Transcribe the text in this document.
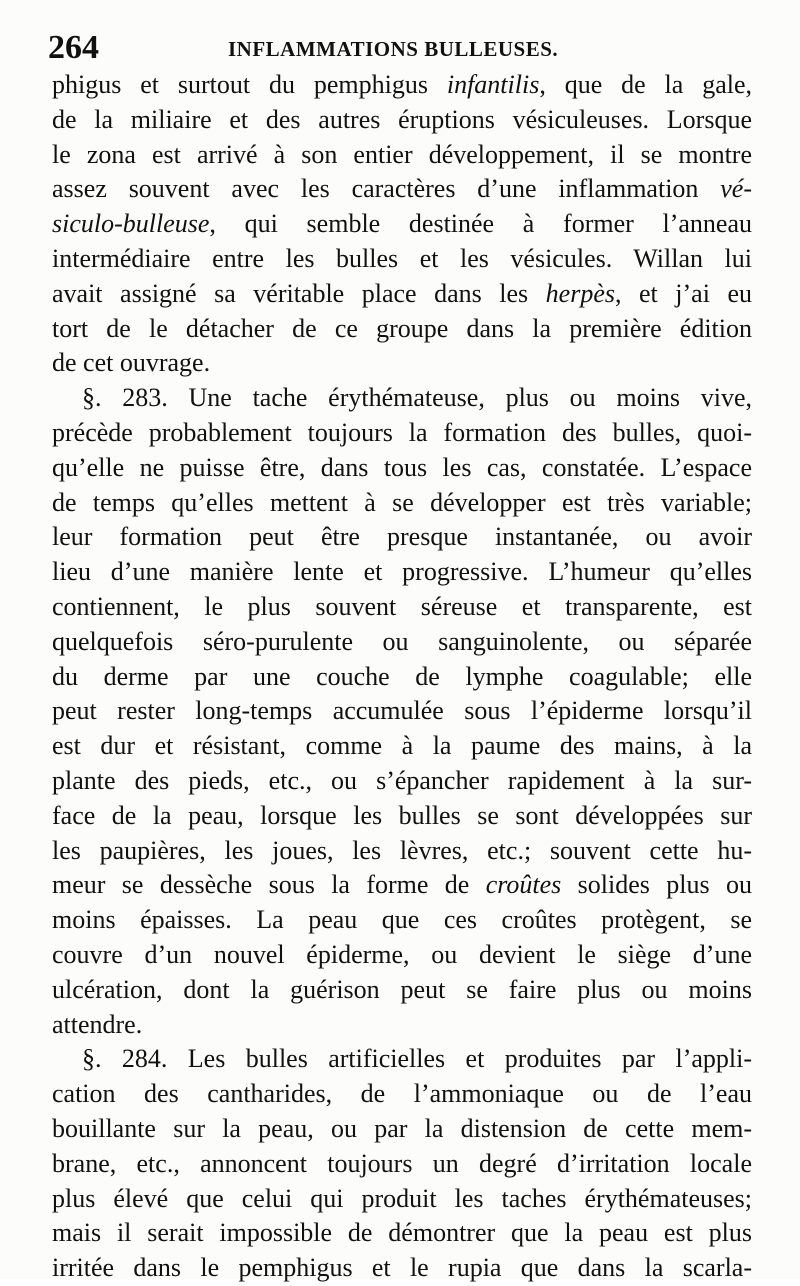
264	INFLAMMATIONS BULLEUSES.
phigus et surtout du pemphigus infantilis, que de la gale,
de la miliaire et des autres éruptions vésiculeuses. Lorsque
le zona est arrivé à son entier développement, il se montre
assez souvent avec les caractères d’une inflammation vé-
siculo-bulleuse, qui semble destinée à former l’anneau
intermédiaire entre les bulles et les vésicules. Willan lui
avait assigné sa véritable place dans les herpès, et j’ai eu
tort de le détacher de ce groupe dans la première édition
de cet ouvrage.
§. 283. Une tache érythémateuse, plus ou moins vive,
précède probablement toujours la formation des bulles, quoi-
qu’elle ne puisse être, dans tous les cas, constatée. L’espace
de temps qu’elles mettent à se développer est très variable;
leur formation peut être presque instantanée, ou avoir
lieu d’une manière lente et progressive. L’humeur qu’elles
contiennent, le plus souvent séreuse et transparente, est
quelquefois séro-purulente ou sanguinolente, ou séparée
du derme par une couche de lymphe coagulable; elle
peut rester long-temps accumulée sous l’épiderme lorsqu’il
est dur et résistant, comme à la paume des mains, à la
plante des pieds, etc., ou s’épancher rapidement à la sur-
face de la peau, lorsque les bulles se sont développées sur
les paupières, les joues, les lèvres, etc.; souvent cette hu-
meur se dessèche sous la forme de croûtes solides plus ou
moins épaisses. La peau que ces croûtes protègent, se
couvre d’un nouvel épiderme, ou devient le siège d’une
ulcération, dont la guérison peut se faire plus ou moins
attendre.
§. 284. Les bulles artificielles et produites par l’appli-
cation des cantharides, de l’ammoniaque ou de l’eau
bouillante sur la peau, ou par la distension de cette mem-
brane, etc., annoncent toujours un degré d’irritation locale
plus élevé que celui qui produit les taches érythémateuses;
mais il serait impossible de démontrer que la peau est plus
irritée dans le pemphigus et le rupia que dans la scarla-
